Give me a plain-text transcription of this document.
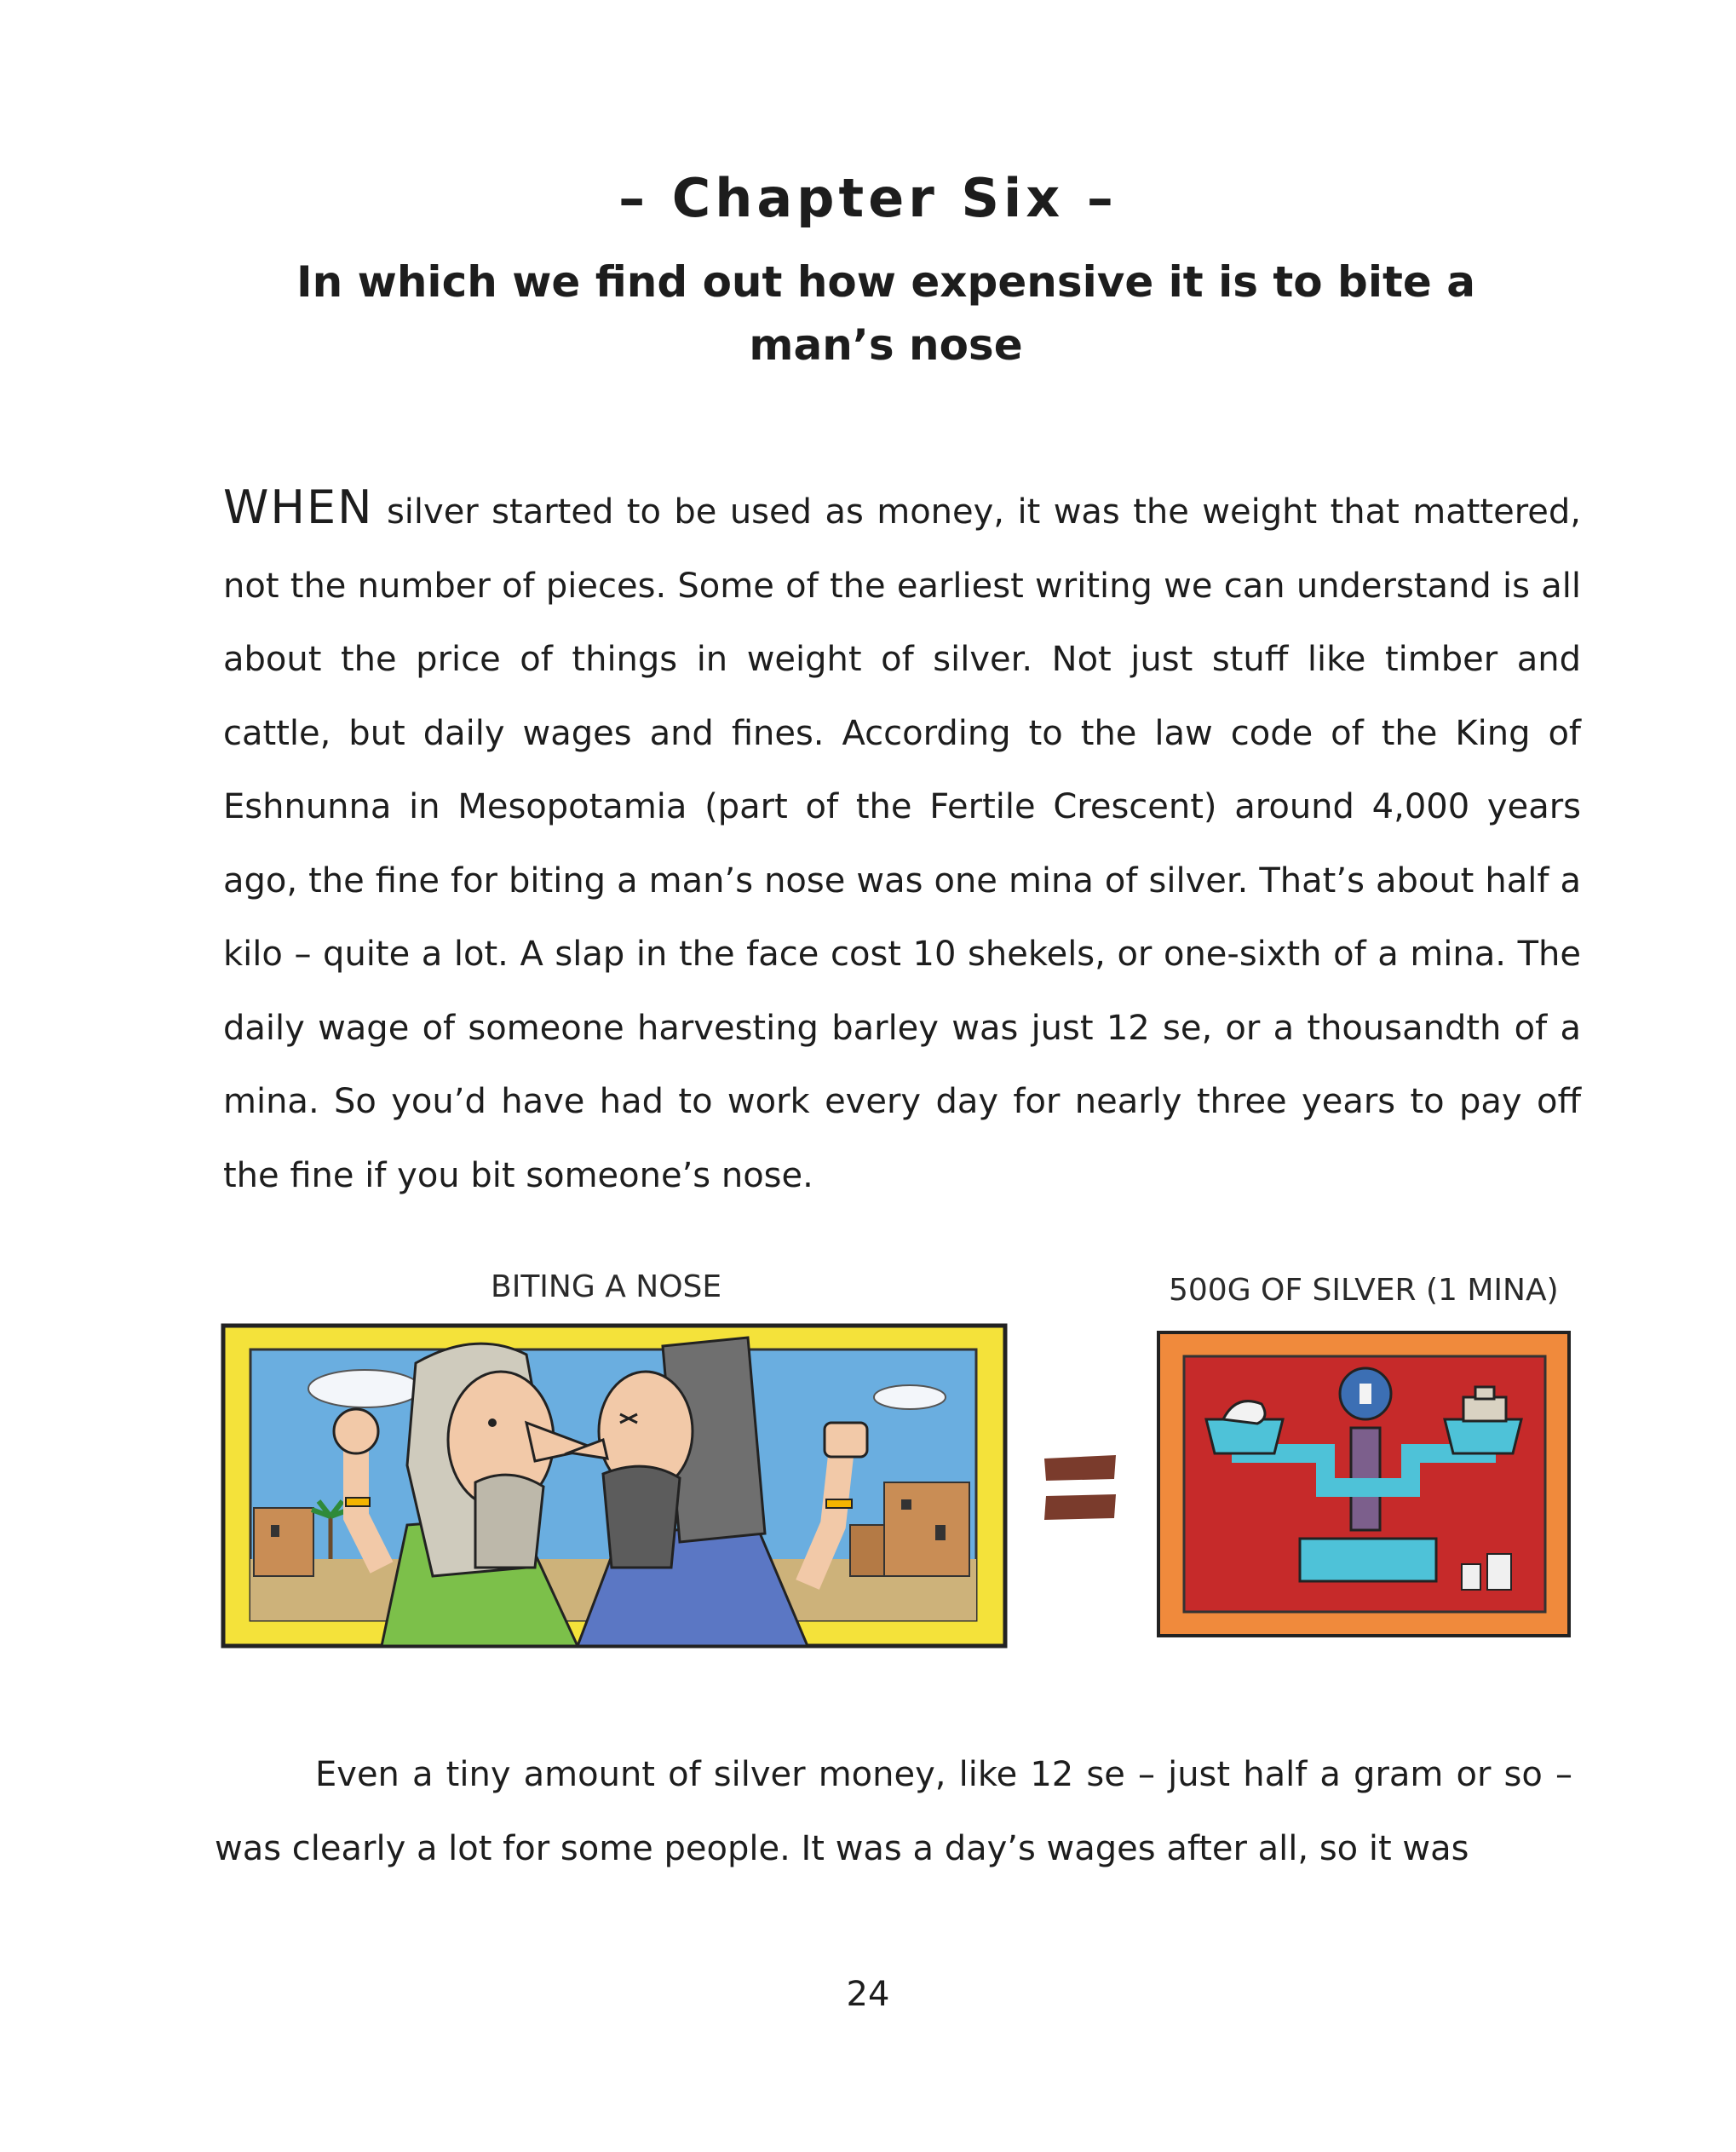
– Chapter Six –
In which we find out how expensive it is to bite a man’s nose

WHEN silver started to be used as money, it was the weight that mattered, not the number of pieces. Some of the earliest writing we can understand is all about the price of things in weight of silver. Not just stuff like timber and cattle, but daily wages and fines. According to the law code of the King of Eshnunna in Mesopotamia (part of the Fertile Crescent) around 4,000 years ago, the fine for biting a man’s nose was one mina of silver. That’s about half a kilo – quite a lot. A slap in the face cost 10 shekels, or one-sixth of a mina. The daily wage of someone harvesting barley was just 12 se, or a thousandth of a mina. So you’d have had to work every day for nearly three years to pay off the fine if you bit someone’s nose.

BITING A NOSE	500G OF SILVER (1 MINA)

Even a tiny amount of silver money, like 12 se – just half a gram or so – was clearly a lot for some people. It was a day’s wages after all, so it was

24
